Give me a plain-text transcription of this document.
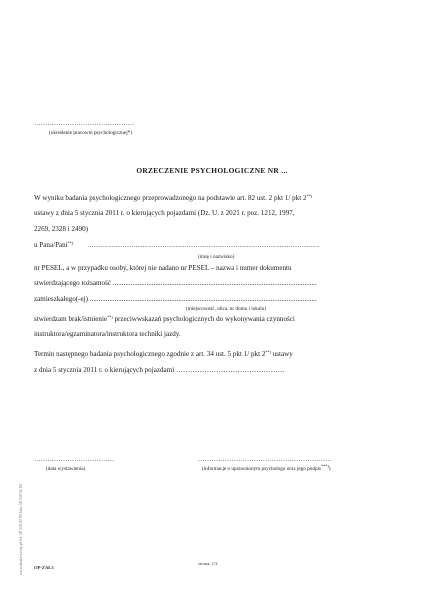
………………………………………
(określenie pracowni psychologicznej*)
ORZECZENIE PSYCHOLOGICZNE NR ...
W wyniku badania psychologicznego przeprowadzonego na podstawie art. 82 ust. 2 pkt 1/ pkt 2**)
ustawy z dnia 5 stycznia 2011 r. o kierujących pojazdami (Dz. U. z 2021 r. poz. 1212, 1997,
2269, 2328 i 2490)
u Pana/Pani**) ...............................................................................................................................
(imię i nazwisko)
nr PESEL, a w przypadku osoby, której nie nadano nr PESEL – nazwa i numer dokumentu
stwierdzającego tożsamość ...................................................................................................................
zamieszkałego(-ej) ................................................................................................................................
(miejscowość, ulica, nr domu i lokalu)
stwierdzam brak/istnienie**) przeciwwskazań psychologicznych do wykonywania czynności
instruktora/egzaminatora/instruktora techniki jazdy.
Termin następnego badania psychologicznego zgodnie z art. 34 ust. 5 pkt 1/ pkt 2**) ustawy
z dnia 5 stycznia 2011 r. o kierujących pojazdami ……………………………………….
………………………………
(data wystawienia)
……………………………………………………
(informacje o uprawnionym psychologu oraz jego podpis***))
www.druki-wzory.pl tel. 58 559 02 83 faks 58 559 02 84 OP-ZAŁ3
strona: 1/2
